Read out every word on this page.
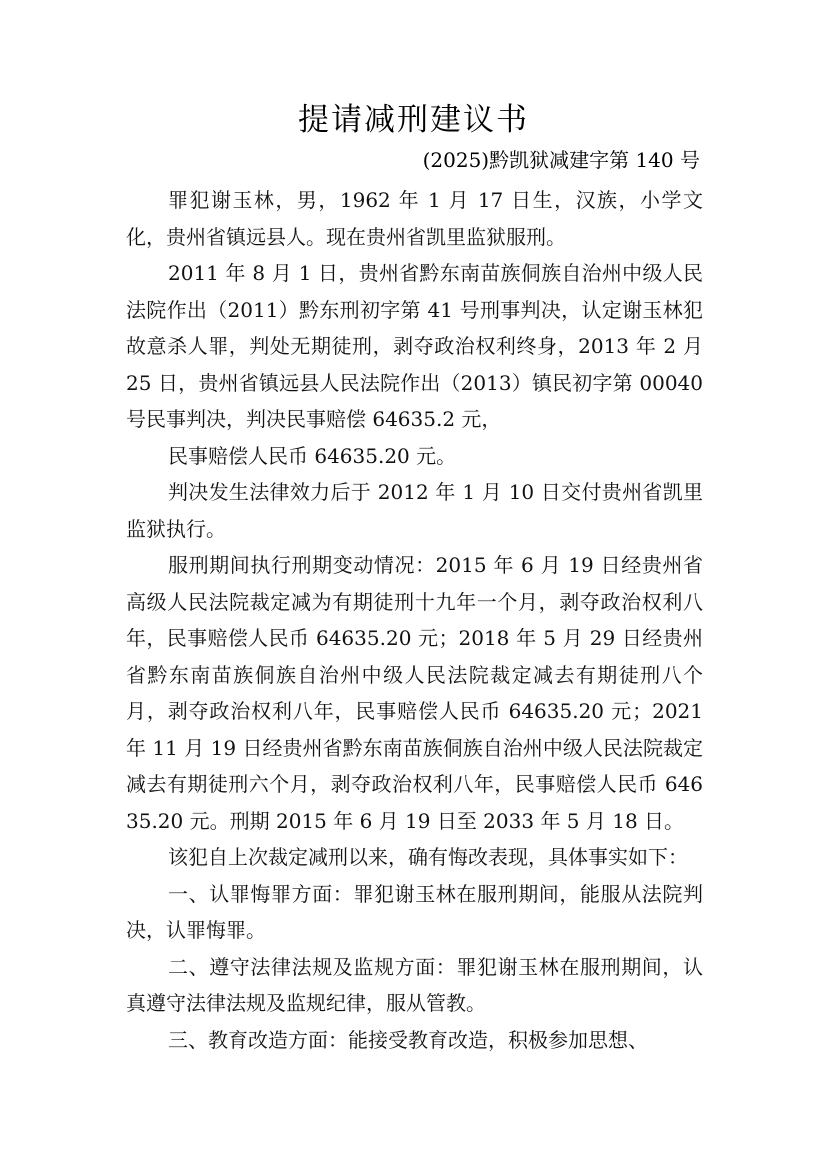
提请减刑建议书
(2025)黔凯狱减建字第 140 号

罪犯谢玉林，男，1962 年 1 月 17 日生，汉族，小学文化，贵州省镇远县人。现在贵州省凯里监狱服刑。

2011 年 8 月 1 日，贵州省黔东南苗族侗族自治州中级人民法院作出（2011）黔东刑初字第 41 号刑事判决，认定谢玉林犯故意杀人罪，判处无期徒刑，剥夺政治权利终身，2013 年 2 月 25 日，贵州省镇远县人民法院作出（2013）镇民初字第 00040 号民事判决，判决民事赔偿 64635.2 元，

民事赔偿人民币 64635.20 元。

判决发生法律效力后于 2012 年 1 月 10 日交付贵州省凯里监狱执行。

服刑期间执行刑期变动情况：2015 年 6 月 19 日经贵州省高级人民法院裁定减为有期徒刑十九年一个月，剥夺政治权利八年，民事赔偿人民币 64635.20 元；2018 年 5 月 29 日经贵州省黔东南苗族侗族自治州中级人民法院裁定减去有期徒刑八个月，剥夺政治权利八年，民事赔偿人民币 64635.20 元；2021 年 11 月 19 日经贵州省黔东南苗族侗族自治州中级人民法院裁定减去有期徒刑六个月，剥夺政治权利八年，民事赔偿人民币 64635.20 元。刑期 2015 年 6 月 19 日至 2033 年 5 月 18 日。

该犯自上次裁定减刑以来，确有悔改表现，具体事实如下：

一、认罪悔罪方面：罪犯谢玉林在服刑期间，能服从法院判决，认罪悔罪。

二、遵守法律法规及监规方面：罪犯谢玉林在服刑期间，认真遵守法律法规及监规纪律，服从管教。

三、教育改造方面：能接受教育改造，积极参加思想、
